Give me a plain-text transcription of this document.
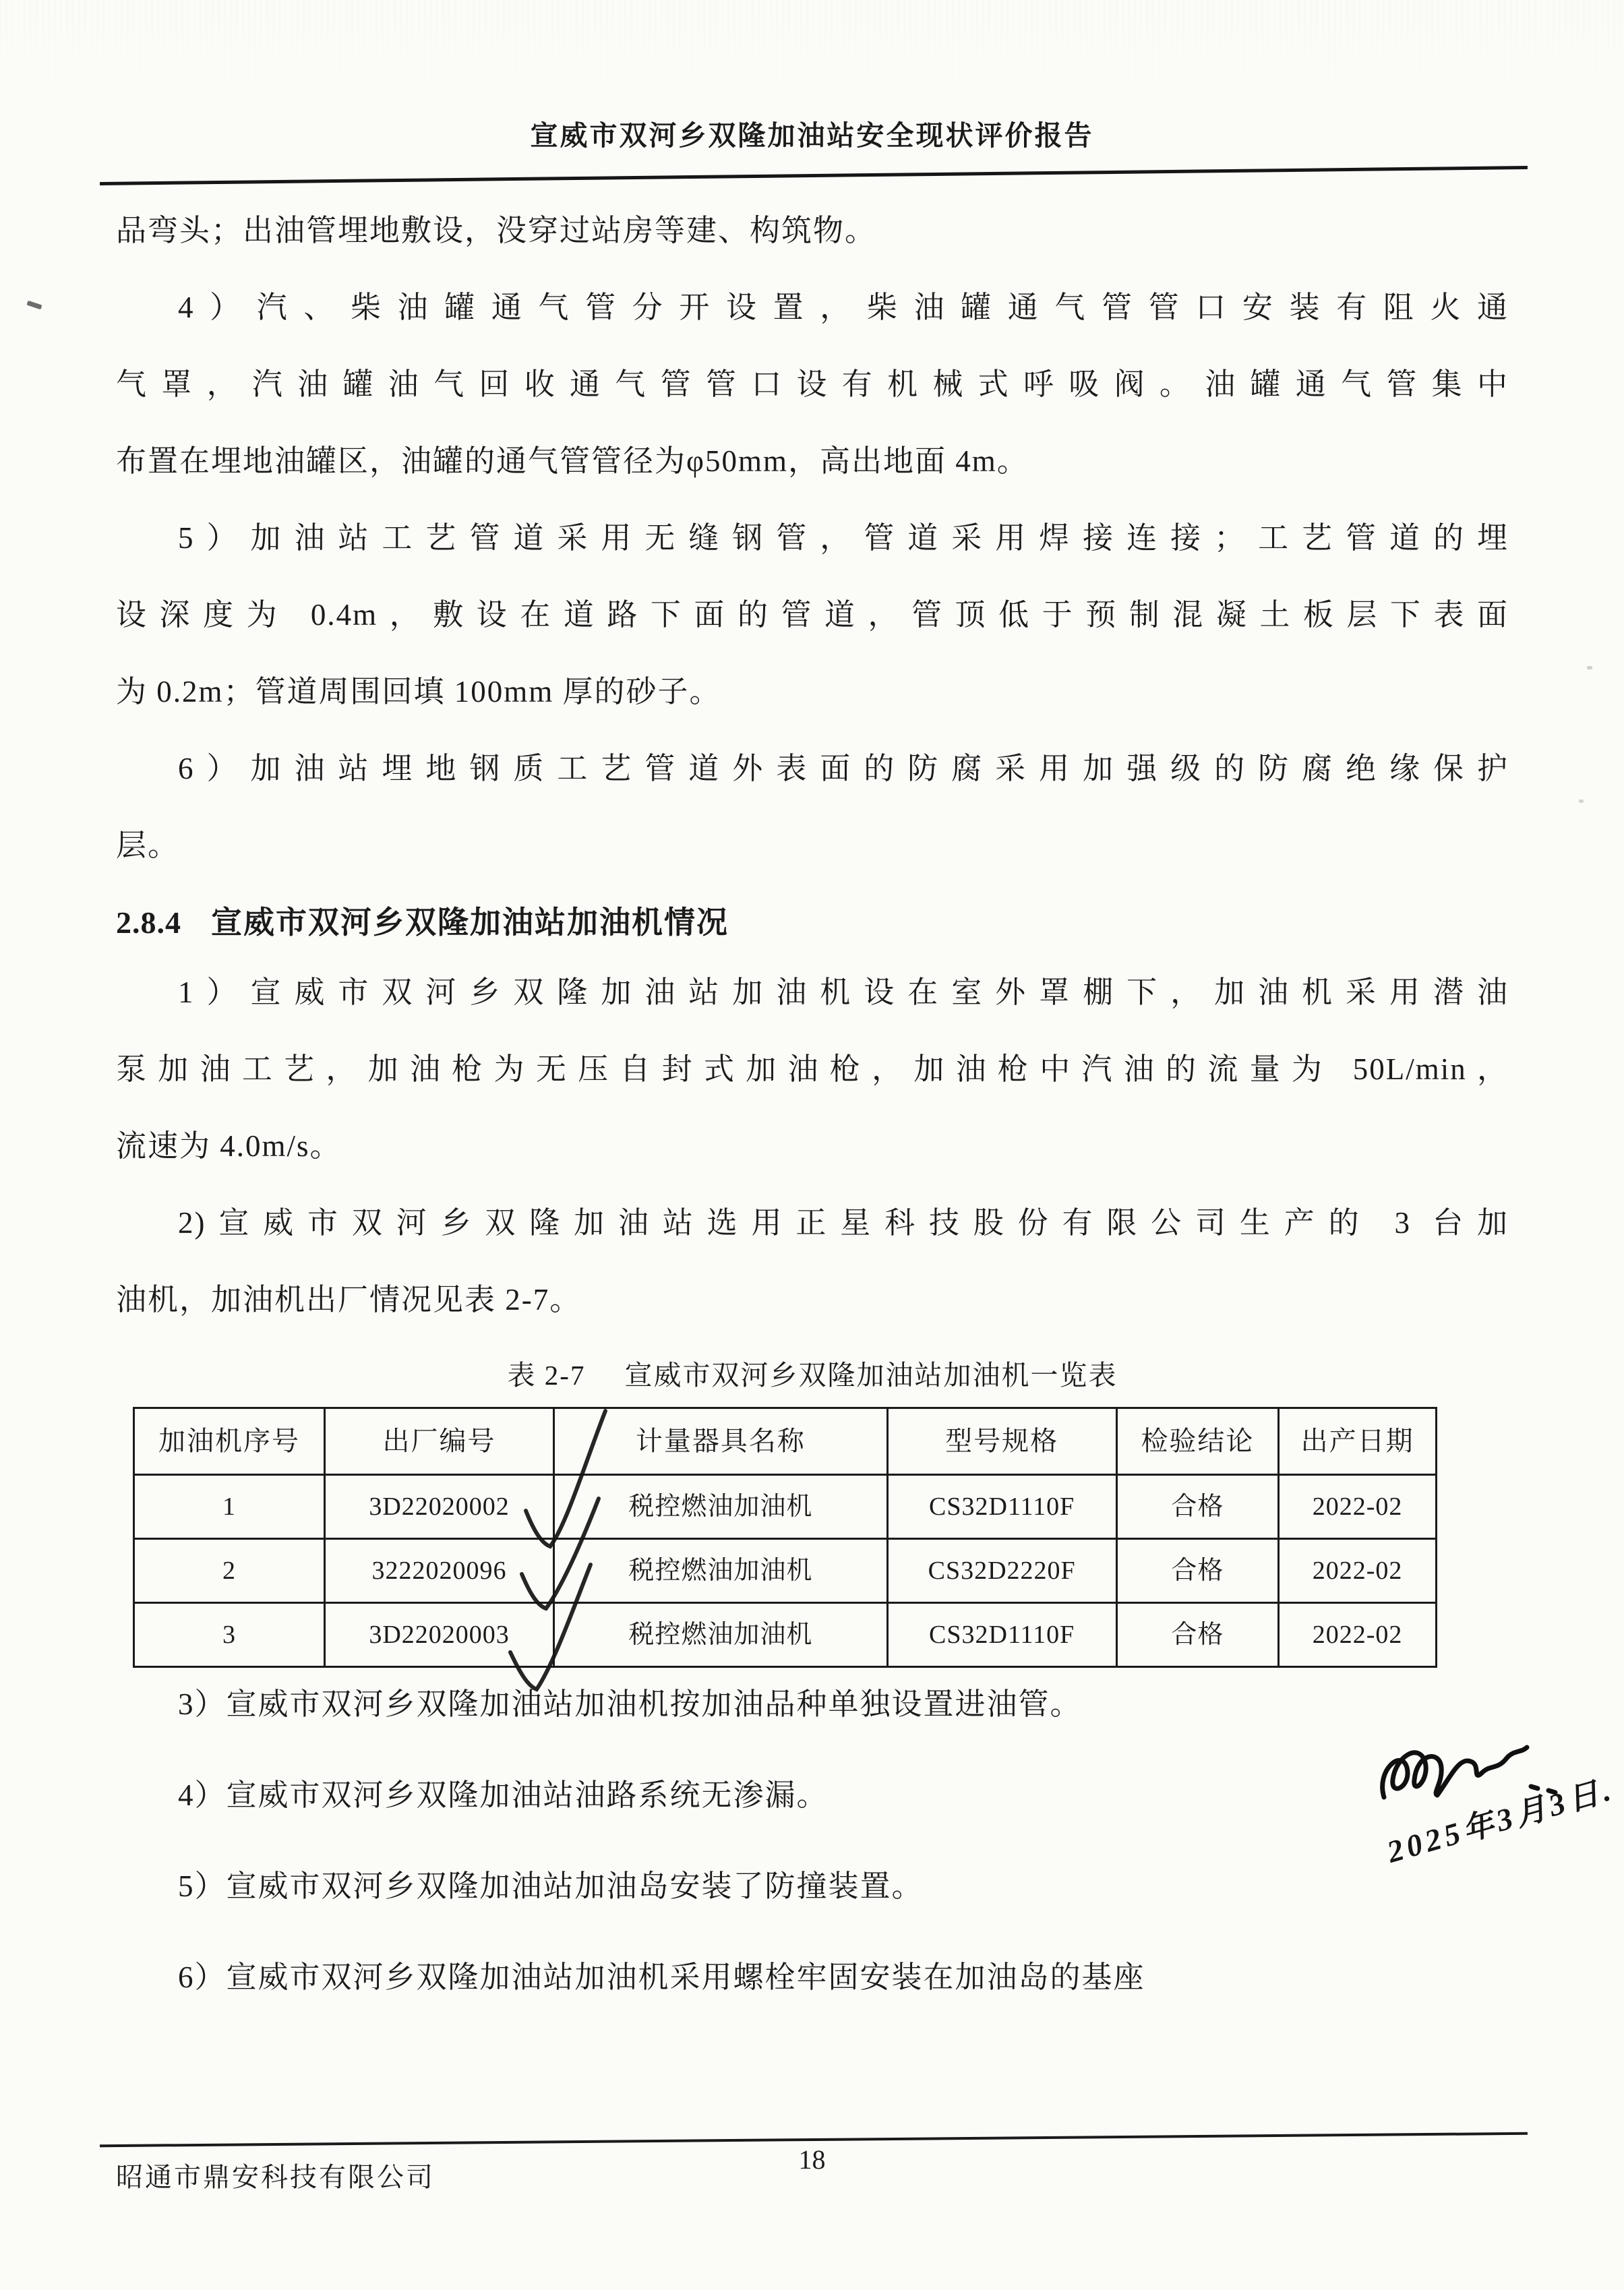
宣威市双河乡双隆加油站安全现状评价报告
品弯头；出油管埋地敷设，没穿过站房等建、构筑物。
4）汽、柴油罐通气管分开设置，柴油罐通气管管口安装有阻火通
气罩，汽油罐油气回收通气管管口设有机械式呼吸阀。油罐通气管集中
布置在埋地油罐区，油罐的通气管管径为φ50mm，高出地面 4m。
5）加油站工艺管道采用无缝钢管，管道采用焊接连接；工艺管道的埋
设深度为 0.4m，敷设在道路下面的管道，管顶低于预制混凝土板层下表面
为 0.2m；管道周围回填 100mm 厚的砂子。
6）加油站埋地钢质工艺管道外表面的防腐采用加强级的防腐绝缘保护
层。
2.8.4 宣威市双河乡双隆加油站加油机情况
1）宣威市双河乡双隆加油站加油机设在室外罩棚下，加油机采用潜油
泵加油工艺，加油枪为无压自封式加油枪，加油枪中汽油的流量为 50L/min，
流速为 4.0m/s。
2)宣威市双河乡双隆加油站选用正星科技股份有限公司生产的 3 台加
油机，加油机出厂情况见表 2-7。
表 2-7 宣威市双河乡双隆加油站加油机一览表
加油机序号	出厂编号	计量器具名称	型号规格	检验结论	出产日期
1	3D22020002	税控燃油加油机	CS32D1110F	合格	2022-02
2	3222020096	税控燃油加油机	CS32D2220F	合格	2022-02
3	3D22020003	税控燃油加油机	CS32D1110F	合格	2022-02
3）宣威市双河乡双隆加油站加油机按加油品种单独设置进油管。
4）宣威市双河乡双隆加油站油路系统无渗漏。
5）宣威市双河乡双隆加油站加油岛安装了防撞装置。
6）宣威市双河乡双隆加油站加油机采用螺栓牢固安装在加油岛的基座
2025年3月3日.
18
昭通市鼎安科技有限公司
